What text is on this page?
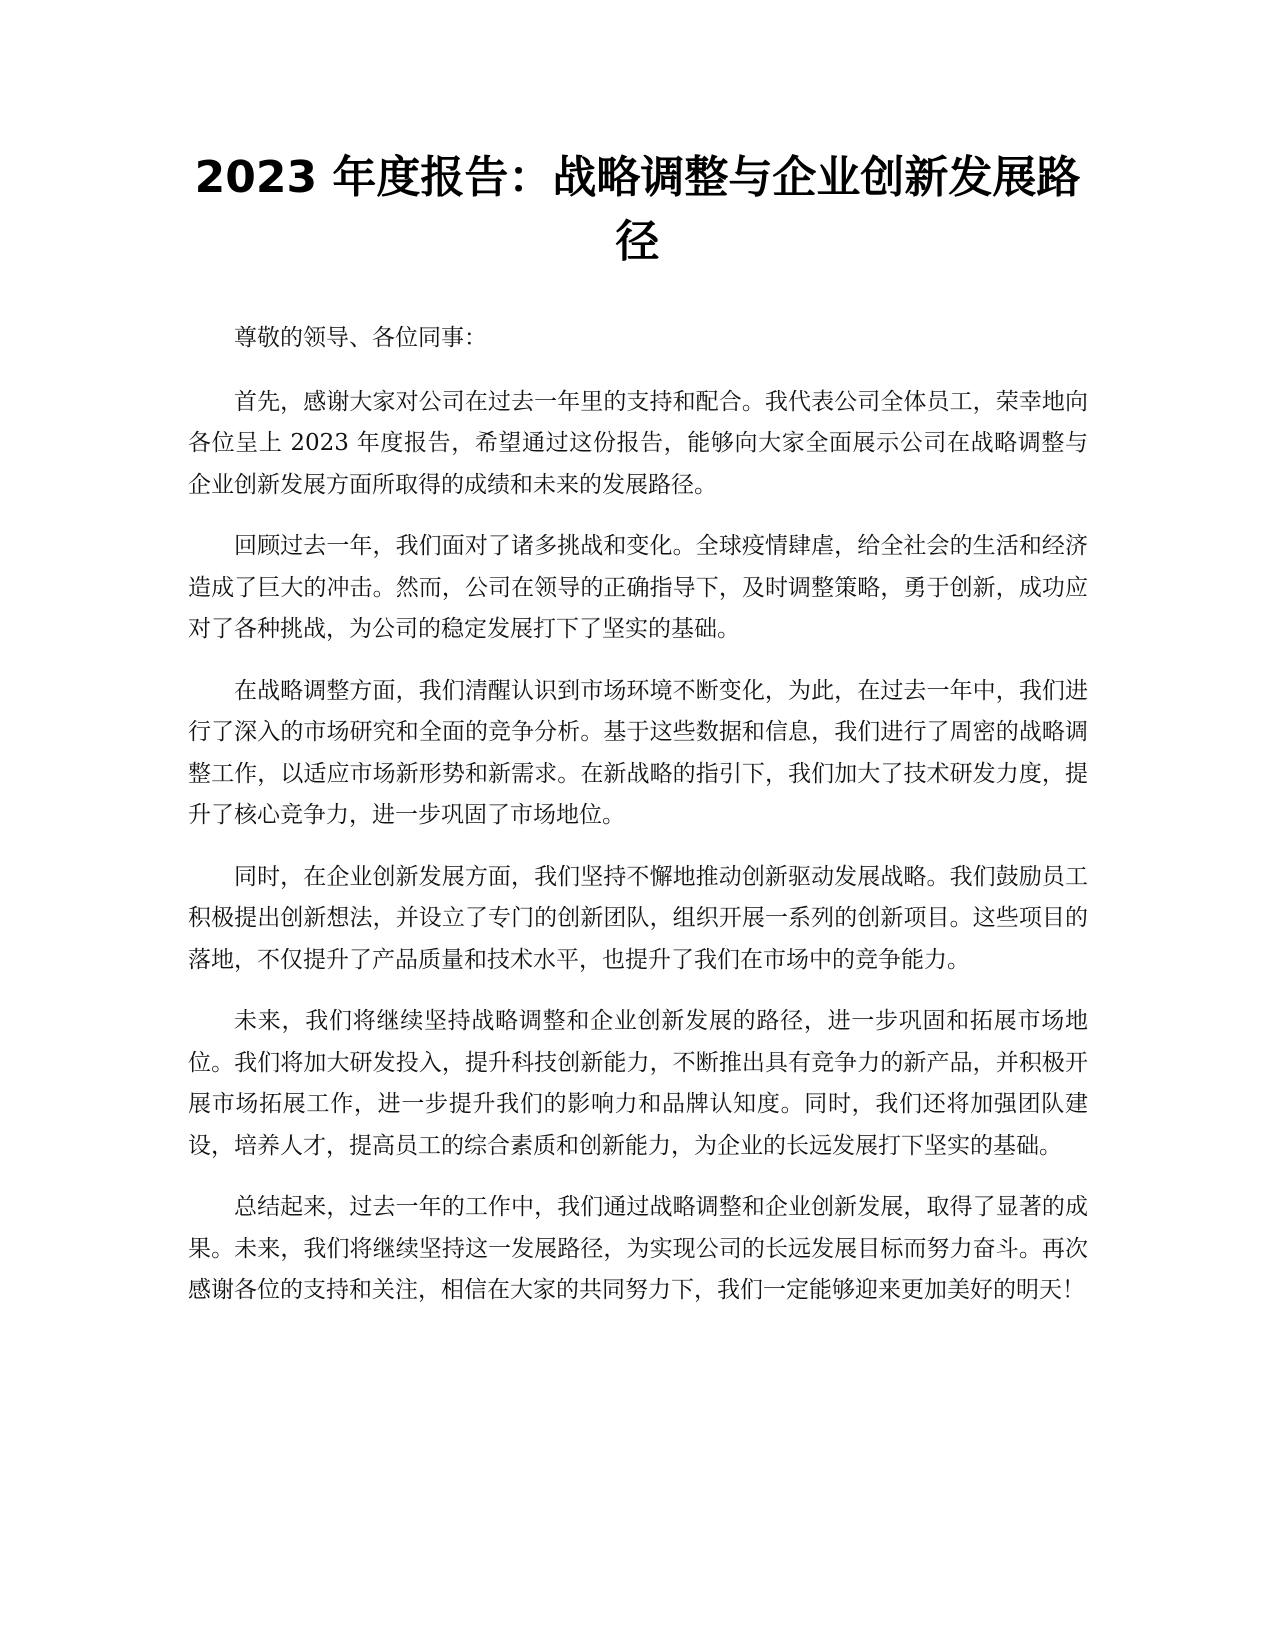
2023 年度报告：战略调整与企业创新发展路径

尊敬的领导、各位同事：

首先，感谢大家对公司在过去一年里的支持和配合。我代表公司全体员工，荣幸地向各位呈上 2023 年度报告，希望通过这份报告，能够向大家全面展示公司在战略调整与企业创新发展方面所取得的成绩和未来的发展路径。

回顾过去一年，我们面对了诸多挑战和变化。全球疫情肆虐，给全社会的生活和经济造成了巨大的冲击。然而，公司在领导的正确指导下，及时调整策略，勇于创新，成功应对了各种挑战，为公司的稳定发展打下了坚实的基础。

在战略调整方面，我们清醒认识到市场环境不断变化，为此，在过去一年中，我们进行了深入的市场研究和全面的竞争分析。基于这些数据和信息，我们进行了周密的战略调整工作，以适应市场新形势和新需求。在新战略的指引下，我们加大了技术研发力度，提升了核心竞争力，进一步巩固了市场地位。

同时，在企业创新发展方面，我们坚持不懈地推动创新驱动发展战略。我们鼓励员工积极提出创新想法，并设立了专门的创新团队，组织开展一系列的创新项目。这些项目的落地，不仅提升了产品质量和技术水平，也提升了我们在市场中的竞争能力。

未来，我们将继续坚持战略调整和企业创新发展的路径，进一步巩固和拓展市场地位。我们将加大研发投入，提升科技创新能力，不断推出具有竞争力的新产品，并积极开展市场拓展工作，进一步提升我们的影响力和品牌认知度。同时，我们还将加强团队建设，培养人才，提高员工的综合素质和创新能力，为企业的长远发展打下坚实的基础。

总结起来，过去一年的工作中，我们通过战略调整和企业创新发展，取得了显著的成果。未来，我们将继续坚持这一发展路径，为实现公司的长远发展目标而努力奋斗。再次感谢各位的支持和关注，相信在大家的共同努力下，我们一定能够迎来更加美好的明天！
